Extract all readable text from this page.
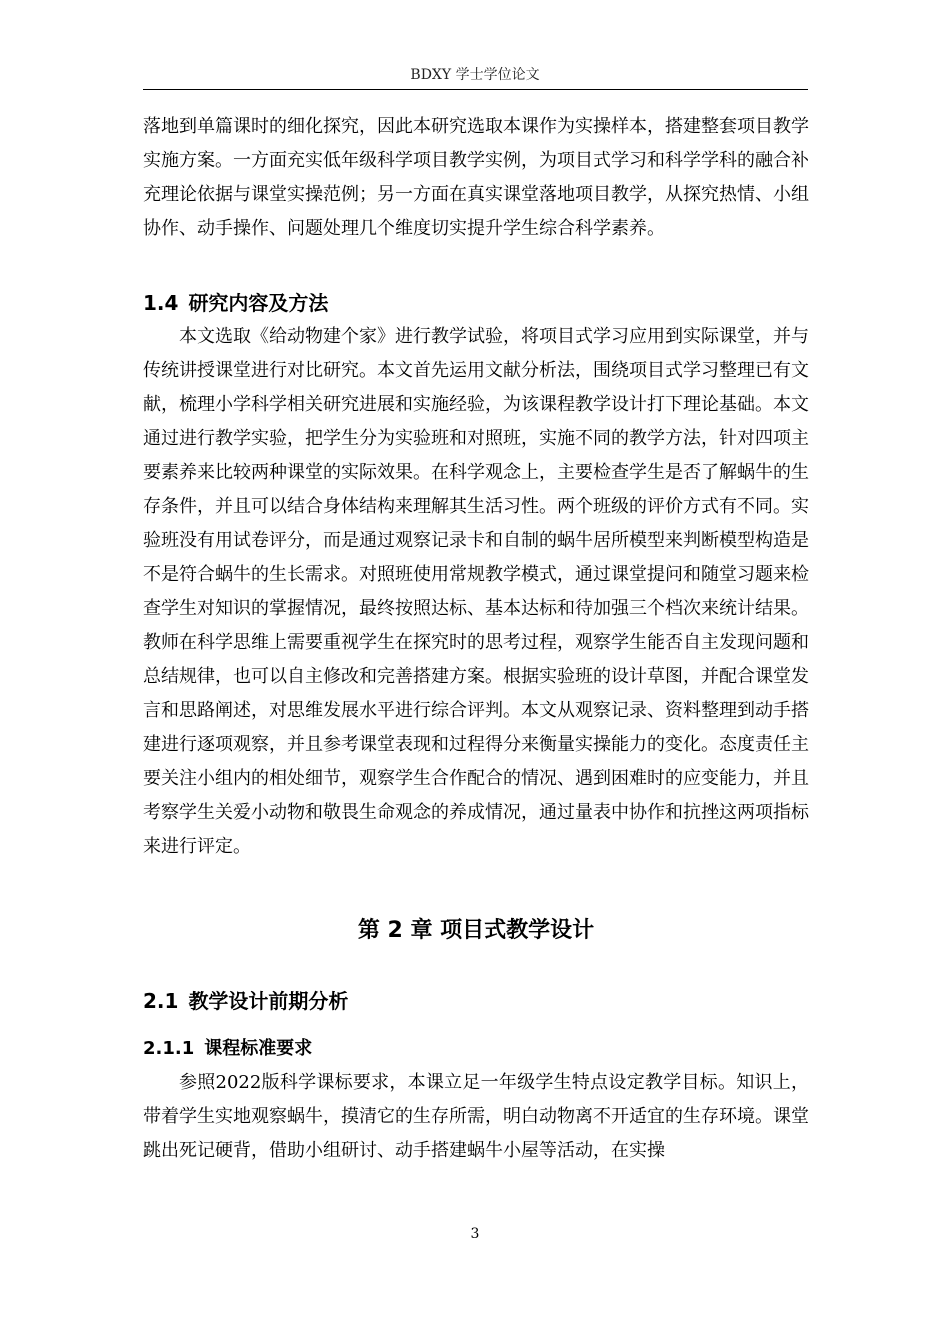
BDXY 学士学位论文

落地到单篇课时的细化探究，因此本研究选取本课作为实操样本，搭建整套项目教学实施方案。一方面充实低年级科学项目教学实例，为项目式学习和科学学科的融合补充理论依据与课堂实操范例；另一方面在真实课堂落地项目教学，从探究热情、小组协作、动手操作、问题处理几个维度切实提升学生综合科学素养。

1.4 研究内容及方法

本文选取《给动物建个家》进行教学试验，将项目式学习应用到实际课堂，并与传统讲授课堂进行对比研究。本文首先运用文献分析法，围绕项目式学习整理已有文献，梳理小学科学相关研究进展和实施经验，为该课程教学设计打下理论基础。本文通过进行教学实验，把学生分为实验班和对照班，实施不同的教学方法，针对四项主要素养来比较两种课堂的实际效果。在科学观念上，主要检查学生是否了解蜗牛的生存条件，并且可以结合身体结构来理解其生活习性。两个班级的评价方式有不同。实验班没有用试卷评分，而是通过观察记录卡和自制的蜗牛居所模型来判断模型构造是不是符合蜗牛的生长需求。对照班使用常规教学模式，通过课堂提问和随堂习题来检查学生对知识的掌握情况，最终按照达标、基本达标和待加强三个档次来统计结果。教师在科学思维上需要重视学生在探究时的思考过程，观察学生能否自主发现问题和总结规律，也可以自主修改和完善搭建方案。根据实验班的设计草图，并配合课堂发言和思路阐述，对思维发展水平进行综合评判。本文从观察记录、资料整理到动手搭建进行逐项观察，并且参考课堂表现和过程得分来衡量实操能力的变化。态度责任主要关注小组内的相处细节，观察学生合作配合的情况、遇到困难时的应变能力，并且考察学生关爱小动物和敬畏生命观念的养成情况，通过量表中协作和抗挫这两项指标来进行评定。

第 2 章 项目式教学设计
2.1 教学设计前期分析
2.1.1 课程标准要求

参照2022版科学课标要求，本课立足一年级学生特点设定教学目标。知识上，带着学生实地观察蜗牛，摸清它的生存所需，明白动物离不开适宜的生存环境。课堂跳出死记硬背，借助小组研讨、动手搭建蜗牛小屋等活动，在实操

3
